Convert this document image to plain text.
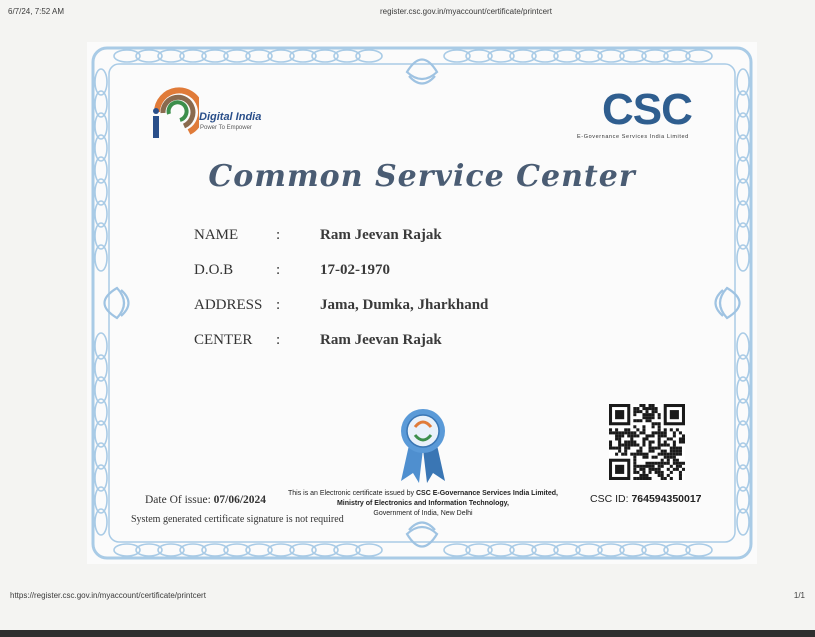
6/7/24, 7:52 AM	register.csc.gov.in/myaccount/certificate/printcert
Digital India
Power To Empower	CSC
E-Governance Services India Limited
Common Service Center
NAME	:	Ram Jeevan Rajak
D.O.B	:	17-02-1970
ADDRESS :	Jama, Dumka, Jharkhand
CENTER :	Ram Jeevan Rajak
Date Of issue: 07/06/2024
System generated certificate signature is not required
This is an Electronic certificate issued by CSC E-Governance Services India Limited,
Ministry of Electronics and Information Technology,
Government of India, New Delhi
CSC ID: 764594350017
https://register.csc.gov.in/myaccount/certificate/printcert	1/1
